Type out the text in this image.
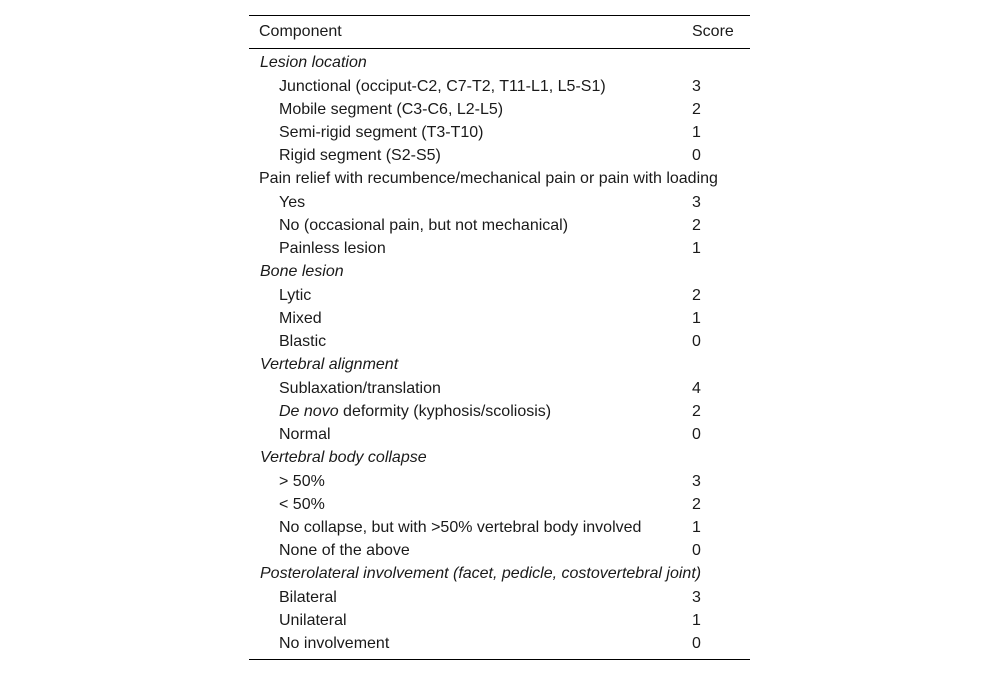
Component	Score
Lesion location
Junctional (occiput-C2, C7-T2, T11-L1, L5-S1)	3
Mobile segment (C3-C6, L2-L5)	2
Semi-rigid segment (T3-T10)	1
Rigid segment (S2-S5)	0
Pain relief with recumbence/mechanical pain or pain with loading
Yes	3
No (occasional pain, but not mechanical)	2
Painless lesion	1
Bone lesion
Lytic	2
Mixed	1
Blastic	0
Vertebral alignment
Sublaxation/translation	4
De novo deformity (kyphosis/scoliosis)	2
Normal	0
Vertebral body collapse
> 50%	3
< 50%	2
No collapse, but with >50% vertebral body involved	1
None of the above	0
Posterolateral involvement (facet, pedicle, costovertebral joint)
Bilateral	3
Unilateral	1
No involvement	0
